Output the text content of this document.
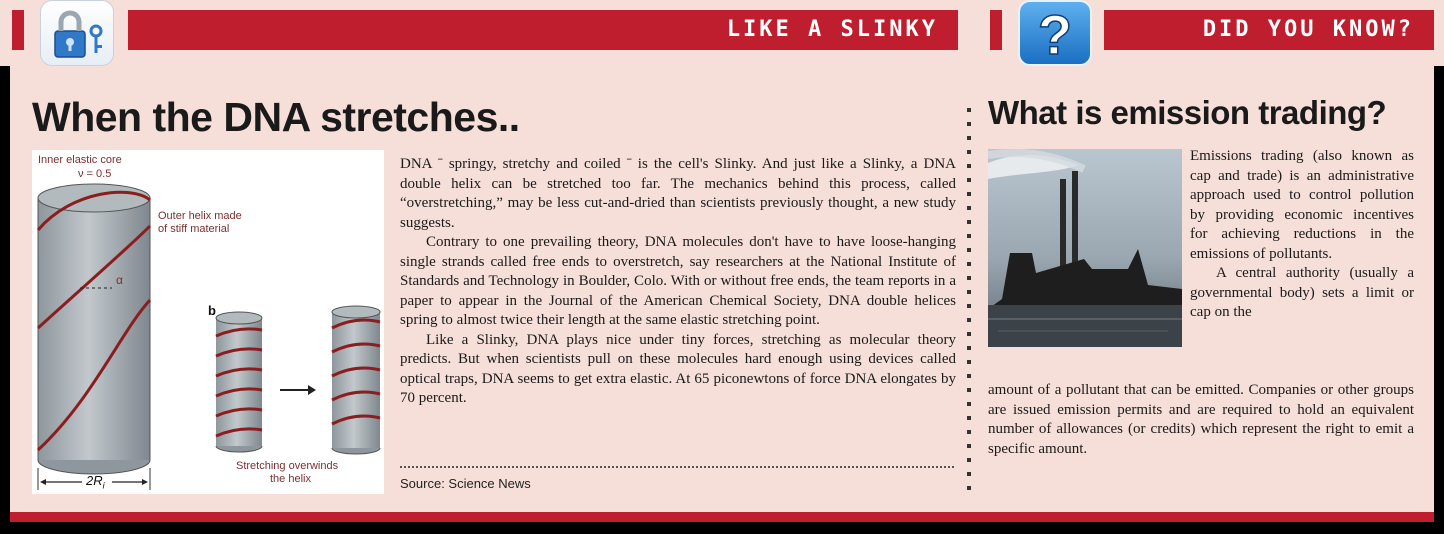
LIKE A SLINKY	?	DID YOU KNOW?
When the DNA stretches..
Inner elastic core
ν = 0.5
Outer helix made
of stiff material
α
b
$2R_i$
Stretching overwinds
the helix

DNA ˉ springy, stretchy and coiled ˉ is the cell's Slinky. And just like a Slinky, a DNA double helix can be stretched too far. The mechanics behind this process, called “overstretching,” may be less cut-and-dried than scientists previously thought, a new study suggests.

Contrary to one prevailing theory, DNA molecules don't have to have loose-hanging single strands called free ends to overstretch, say researchers at the National Institute of Standards and Technology in Boulder, Colo. With or without free ends, the team reports in a paper to appear in the Journal of the American Chemical Society, DNA double helices spring to almost twice their length at the same elastic stretching point.

Like a Slinky, DNA plays nice under tiny forces, stretching as molecular theory predicts. But when scientists pull on these molecules hard enough using devices called optical traps, DNA seems to get extra elastic. At 65 piconewtons of force DNA elongates by 70 percent.

Source: Science News
What is emission trading?

Emissions trading (also known as cap and trade) is an administrative approach used to control pollution by providing economic incentives for achieving reductions in the emissions of pollutants.

A central authority (usually a governmental body) sets a limit or cap on the

amount of a pollutant that can be emitted. Companies or other groups are issued emission permits and are required to hold an equivalent number of allowances (or credits) which represent the right to emit a specific amount.
